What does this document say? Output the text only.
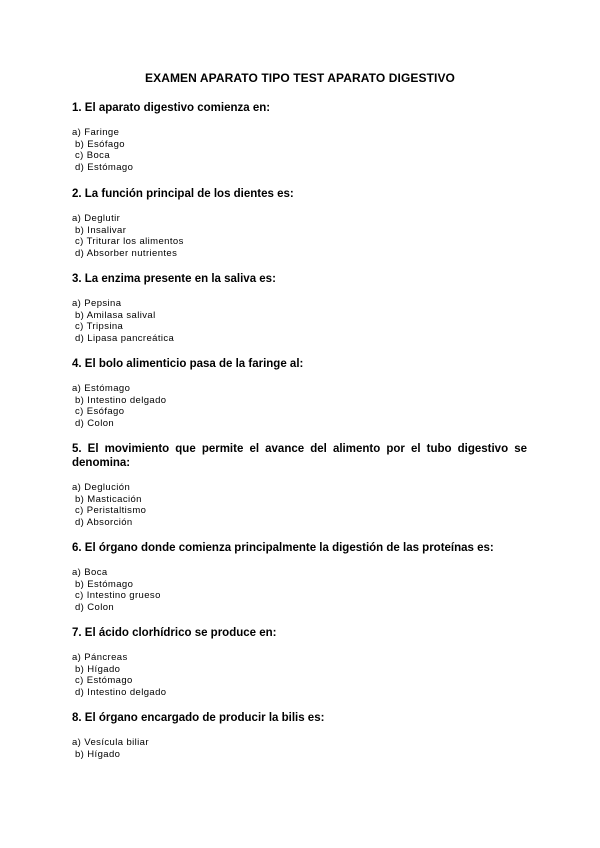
EXAMEN APARATO TIPO TEST APARATO DIGESTIVO

1. El aparato digestivo comienza en:

a) Faringe
b) Esófago
c) Boca
d) Estómago

2. La función principal de los dientes es:

a) Deglutir
b) Insalivar
c) Triturar los alimentos
d) Absorber nutrientes

3. La enzima presente en la saliva es:

a) Pepsina
b) Amilasa salival
c) Tripsina
d) Lipasa pancreática

4. El bolo alimenticio pasa de la faringe al:

a) Estómago
b) Intestino delgado
c) Esófago
d) Colon

5. El movimiento que permite el avance del alimento por el tubo digestivo se denomina:

a) Deglución
b) Masticación
c) Peristaltismo
d) Absorción

6. El órgano donde comienza principalmente la digestión de las proteínas es:

a) Boca
b) Estómago
c) Intestino grueso
d) Colon

7. El ácido clorhídrico se produce en:

a) Páncreas
b) Hígado
c) Estómago
d) Intestino delgado

8. El órgano encargado de producir la bilis es:

a) Vesícula biliar
b) Hígado
